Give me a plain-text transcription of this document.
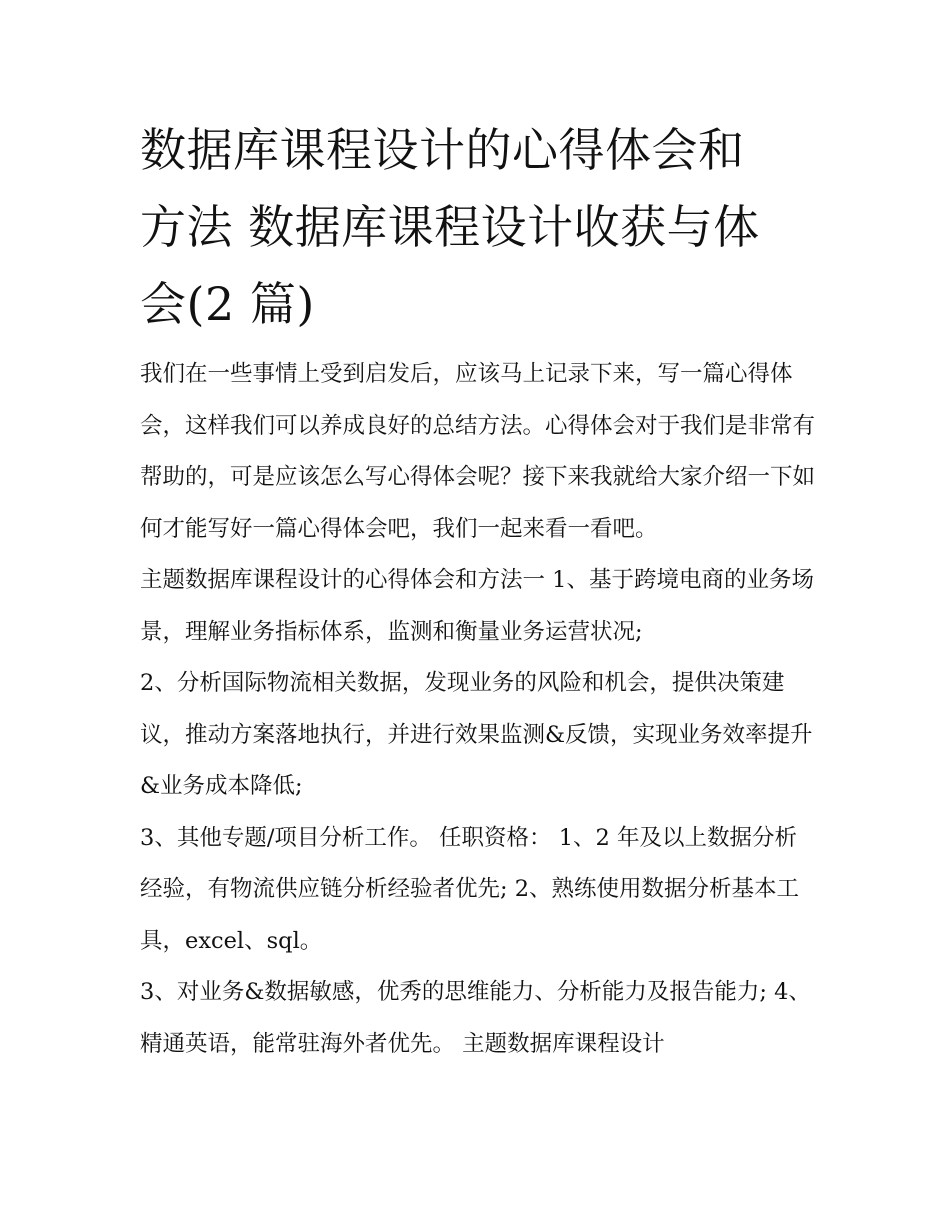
数据库课程设计的心得体会和
方法 数据库课程设计收获与体
会(2 篇)

我们在一些事情上受到启发后，应该马上记录下来，写一篇心得体会，这样我们可以养成良好的总结方法。心得体会对于我们是非常有帮助的，可是应该怎么写心得体会呢？接下来我就给大家介绍一下如何才能写好一篇心得体会吧，我们一起来看一看吧。

主题数据库课程设计的心得体会和方法一 1、基于跨境电商的业务场景，理解业务指标体系，监测和衡量业务运营状况;

2、分析国际物流相关数据，发现业务的风险和机会，提供决策建议，推动方案落地执行，并进行效果监测&反馈，实现业务效率提升&业务成本降低;

3、其他专题/项目分析工作。 任职资格： 1、2 年及以上数据分析经验，有物流供应链分析经验者优先; 2、熟练使用数据分析基本工具，excel、sql。

3、对业务&数据敏感，优秀的思维能力、分析能力及报告能力; 4、精通英语，能常驻海外者优先。 主题数据库课程设计
